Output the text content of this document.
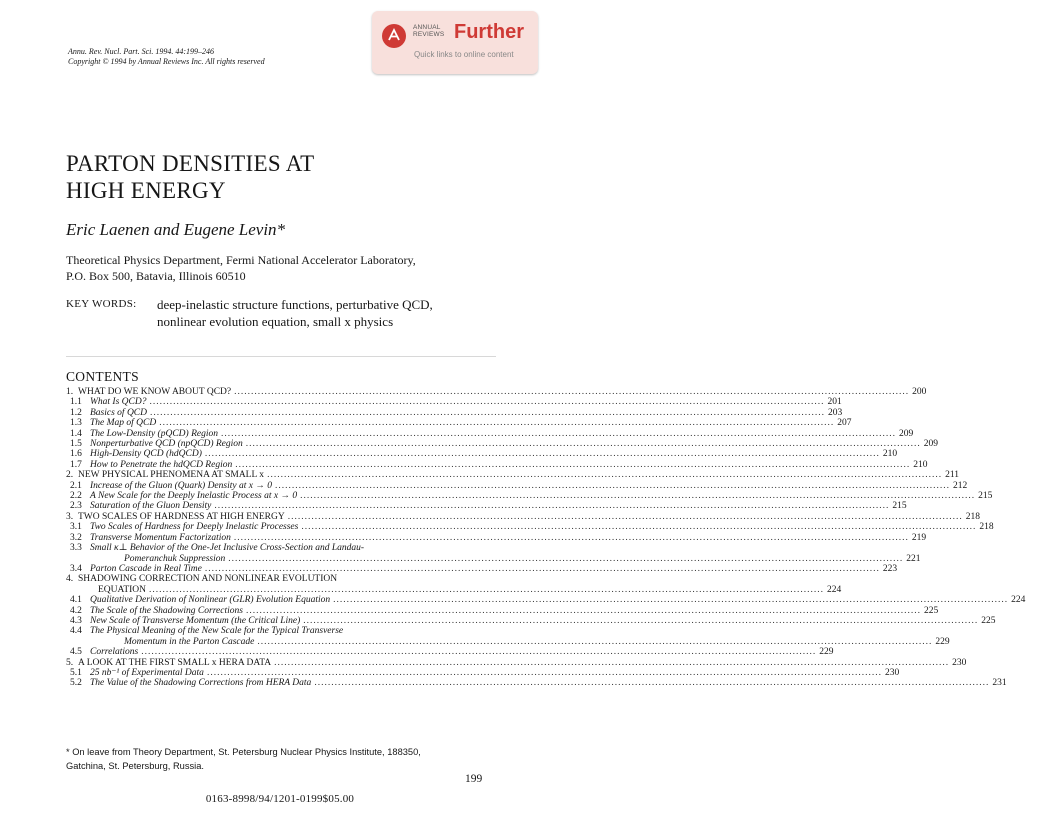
Annu. Rev. Nucl. Part. Sci. 1994. 44:199–246
Copyright © 1994 by Annual Reviews Inc. All rights reserved
ANNUAL
REVIEWS Further
Quick links to online content
PARTON DENSITIES AT
HIGH ENERGY
Eric Laenen and Eugene Levin*
Theoretical Physics Department, Fermi National Accelerator Laboratory,
P.O. Box 500, Batavia, Illinois 60510
KEY WORDS: deep-inelastic structure functions, perturbative QCD,
nonlinear evolution equation, small x physics
CONTENTS
1. WHAT DO WE KNOW ABOUT QCD? ........................................................................................................................................................................................................ 200
1.1 What Is QCD? ........................................................................................................................................................................................................ 201
1.2 Basics of QCD ........................................................................................................................................................................................................ 203
1.3 The Map of QCD ........................................................................................................................................................................................................ 207
1.4 The Low-Density (pQCD) Region ........................................................................................................................................................................................................ 209
1.5 Nonperturbative QCD (npQCD) Region ........................................................................................................................................................................................................ 209
1.6 High-Density QCD (hdQCD) ........................................................................................................................................................................................................ 210
1.7 How to Penetrate the hdQCD Region ........................................................................................................................................................................................................ 210
2. NEW PHYSICAL PHENOMENA AT SMALL x ........................................................................................................................................................................................................ 211
2.1 Increase of the Gluon (Quark) Density at x → 0 ........................................................................................................................................................................................................ 212
2.2 A New Scale for the Deeply Inelastic Process at x → 0 ........................................................................................................................................................................................................ 215
2.3 Saturation of the Gluon Density ........................................................................................................................................................................................................ 215
3. TWO SCALES OF HARDNESS AT HIGH ENERGY ........................................................................................................................................................................................................ 218
3.1 Two Scales of Hardness for Deeply Inelastic Processes ........................................................................................................................................................................................................ 218
3.2 Transverse Momentum Factorization ........................................................................................................................................................................................................ 219
3.3 Small κ⊥ Behavior of the One-Jet Inclusive Cross-Section and Landau-
Pomeranchuk Suppression ........................................................................................................................................................................................................ 221
3.4 Parton Cascade in Real Time ........................................................................................................................................................................................................ 223
4. SHADOWING CORRECTION AND NONLINEAR EVOLUTION
EQUATION ........................................................................................................................................................................................................ 224
4.1 Qualitative Derivation of Nonlinear (GLR) Evolution Equation ........................................................................................................................................................................................................ 224
4.2 The Scale of the Shadowing Corrections ........................................................................................................................................................................................................ 225
4.3 New Scale of Transverse Momentum (the Critical Line) ........................................................................................................................................................................................................ 225
4.4 The Physical Meaning of the New Scale for the Typical Transverse
Momentum in the Parton Cascade ........................................................................................................................................................................................................ 229
4.5 Correlations ........................................................................................................................................................................................................ 229
5. A LOOK AT THE FIRST SMALL x HERA DATA ........................................................................................................................................................................................................ 230
5.1 25 nb⁻¹ of Experimental Data ........................................................................................................................................................................................................ 230
5.2 The Value of the Shadowing Corrections from HERA Data ........................................................................................................................................................................................................ 231
* On leave from Theory Department, St. Petersburg Nuclear Physics Institute, 188350,
Gatchina, St. Petersburg, Russia.
199
0163-8998/94/1201-0199$05.00
